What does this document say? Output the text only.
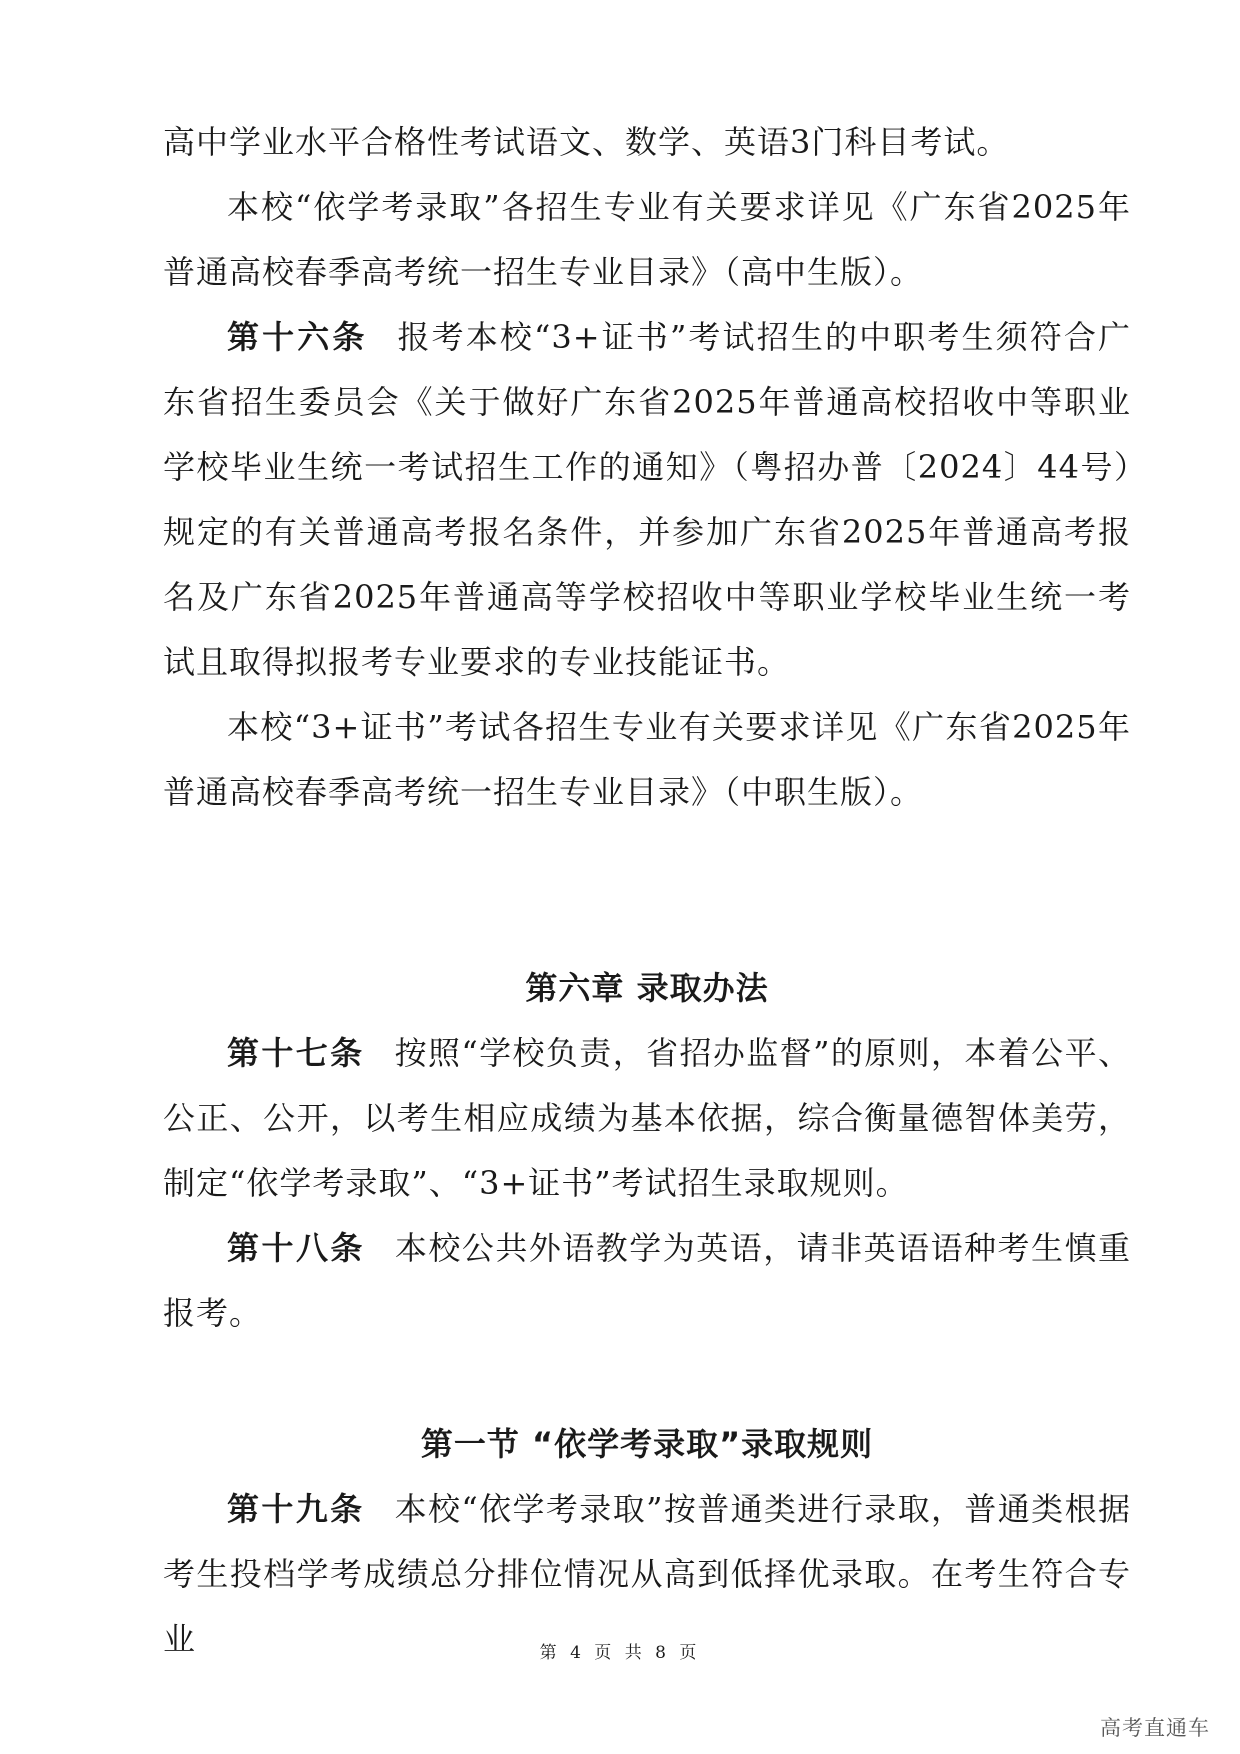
高中学业水平合格性考试语文、数学、英语3门科目考试。

本校“依学考录取”各招生专业有关要求详见《广东省2025年普通高校春季高考统一招生专业目录》（高中生版）。

第十六条 报考本校“3+证书”考试招生的中职考生须符合广东省招生委员会《关于做好广东省2025年普通高校招收中等职业学校毕业生统一考试招生工作的通知》（粤招办普〔2024〕44号）规定的有关普通高考报名条件，并参加广东省2025年普通高考报名及广东省2025年普通高等学校招收中等职业学校毕业生统一考试且取得拟报考专业要求的专业技能证书。

本校“3+证书”考试各招生专业有关要求详见《广东省2025年普通高校春季高考统一招生专业目录》（中职生版）。

第六章 录取办法

第十七条 按照“学校负责，省招办监督”的原则，本着公平、公正、公开，以考生相应成绩为基本依据，综合衡量德智体美劳，制定“依学考录取”、“3+证书”考试招生录取规则。

第十八条 本校公共外语教学为英语，请非英语语种考生慎重报考。

第一节 “依学考录取”录取规则

第十九条 本校“依学考录取”按普通类进行录取，普通类根据考生投档学考成绩总分排位情况从高到低择优录取。在考生符合专业	第 4 页 共 8 页
高考直通车
